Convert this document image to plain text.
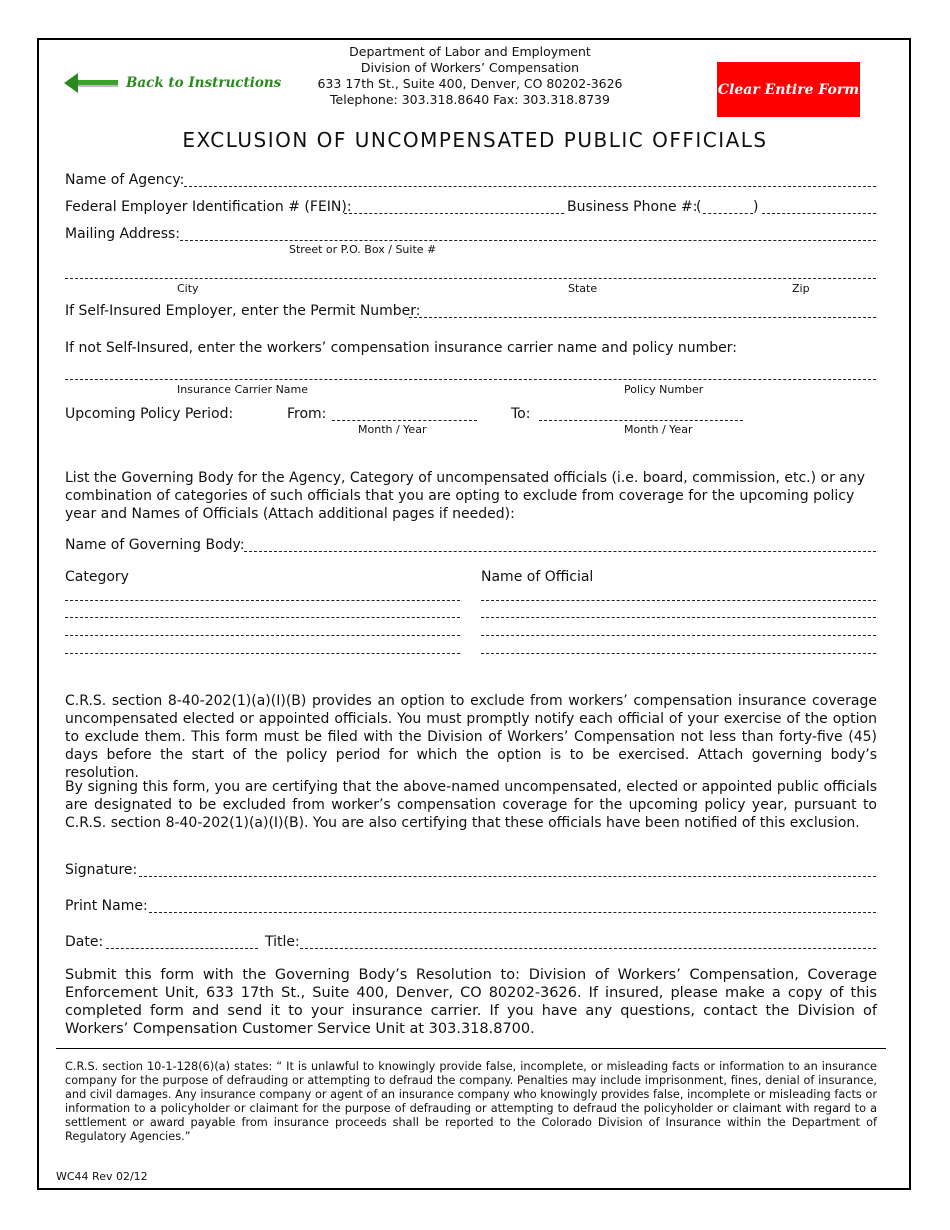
Back to Instructions
Department of Labor and Employment
Division of Workers’ Compensation
633 17th St., Suite 400, Denver, CO 80202-3626
Telephone: 303.318.8640 Fax: 303.318.8739
Clear Entire Form
EXCLUSION OF UNCOMPENSATED PUBLIC OFFICIALS
Name of Agency:
Federal Employer Identification # (FEIN):	Business Phone #:
(	)
Mailing Address:
Street or P.O. Box / Suite #
City	State	Zip
If Self-Insured Employer, enter the Permit Number:
If not Self-Insured, enter the workers’ compensation insurance carrier name and policy number:
Insurance Carrier Name	Policy Number
Upcoming Policy Period:	From:
Month / Year
To:
Month / Year
List the Governing Body for the Agency, Category of uncompensated officials (i.e. board, commission, etc.) or any combination of categories of such officials that you are opting to exclude from coverage for the upcoming policy year and Names of Officials (Attach additional pages if needed):
Name of Governing Body:
Category	Name of Official
C.R.S. section 8-40-202(1)(a)(I)(B) provides an option to exclude from workers’ compensation insurance coverage uncompensated elected or appointed officials. You must promptly notify each official of your exercise of the option to exclude them. This form must be filed with the Division of Workers’ Compensation not less than forty-five (45) days before the start of the policy period for which the option is to be exercised. Attach governing body’s resolution.
By signing this form, you are certifying that the above-named uncompensated, elected or appointed public officials are designated to be excluded from worker’s compensation coverage for the upcoming policy year, pursuant to C.R.S. section 8-40-202(1)(a)(I)(B). You are also certifying that these officials have been notified of this exclusion.
Signature:
Print Name:
Date:	Title:
Submit this form with the Governing Body’s Resolution to: Division of Workers’ Compensation, Coverage Enforcement Unit, 633 17th St., Suite 400, Denver, CO 80202-3626. If insured, please make a copy of this completed form and send it to your insurance carrier. If you have any questions, contact the Division of Workers’ Compensation Customer Service Unit at 303.318.8700.
C.R.S. section 10-1-128(6)(a) states: “ It is unlawful to knowingly provide false, incomplete, or misleading facts or information to an insurance company for the purpose of defrauding or attempting to defraud the company. Penalties may include imprisonment, fines, denial of insurance, and civil damages. Any insurance company or agent of an insurance company who knowingly provides false, incomplete or misleading facts or information to a policyholder or claimant for the purpose of defrauding or attempting to defraud the policyholder or claimant with regard to a settlement or award payable from insurance proceeds shall be reported to the Colorado Division of Insurance within the Department of Regulatory Agencies.”
WC44 Rev 02/12
